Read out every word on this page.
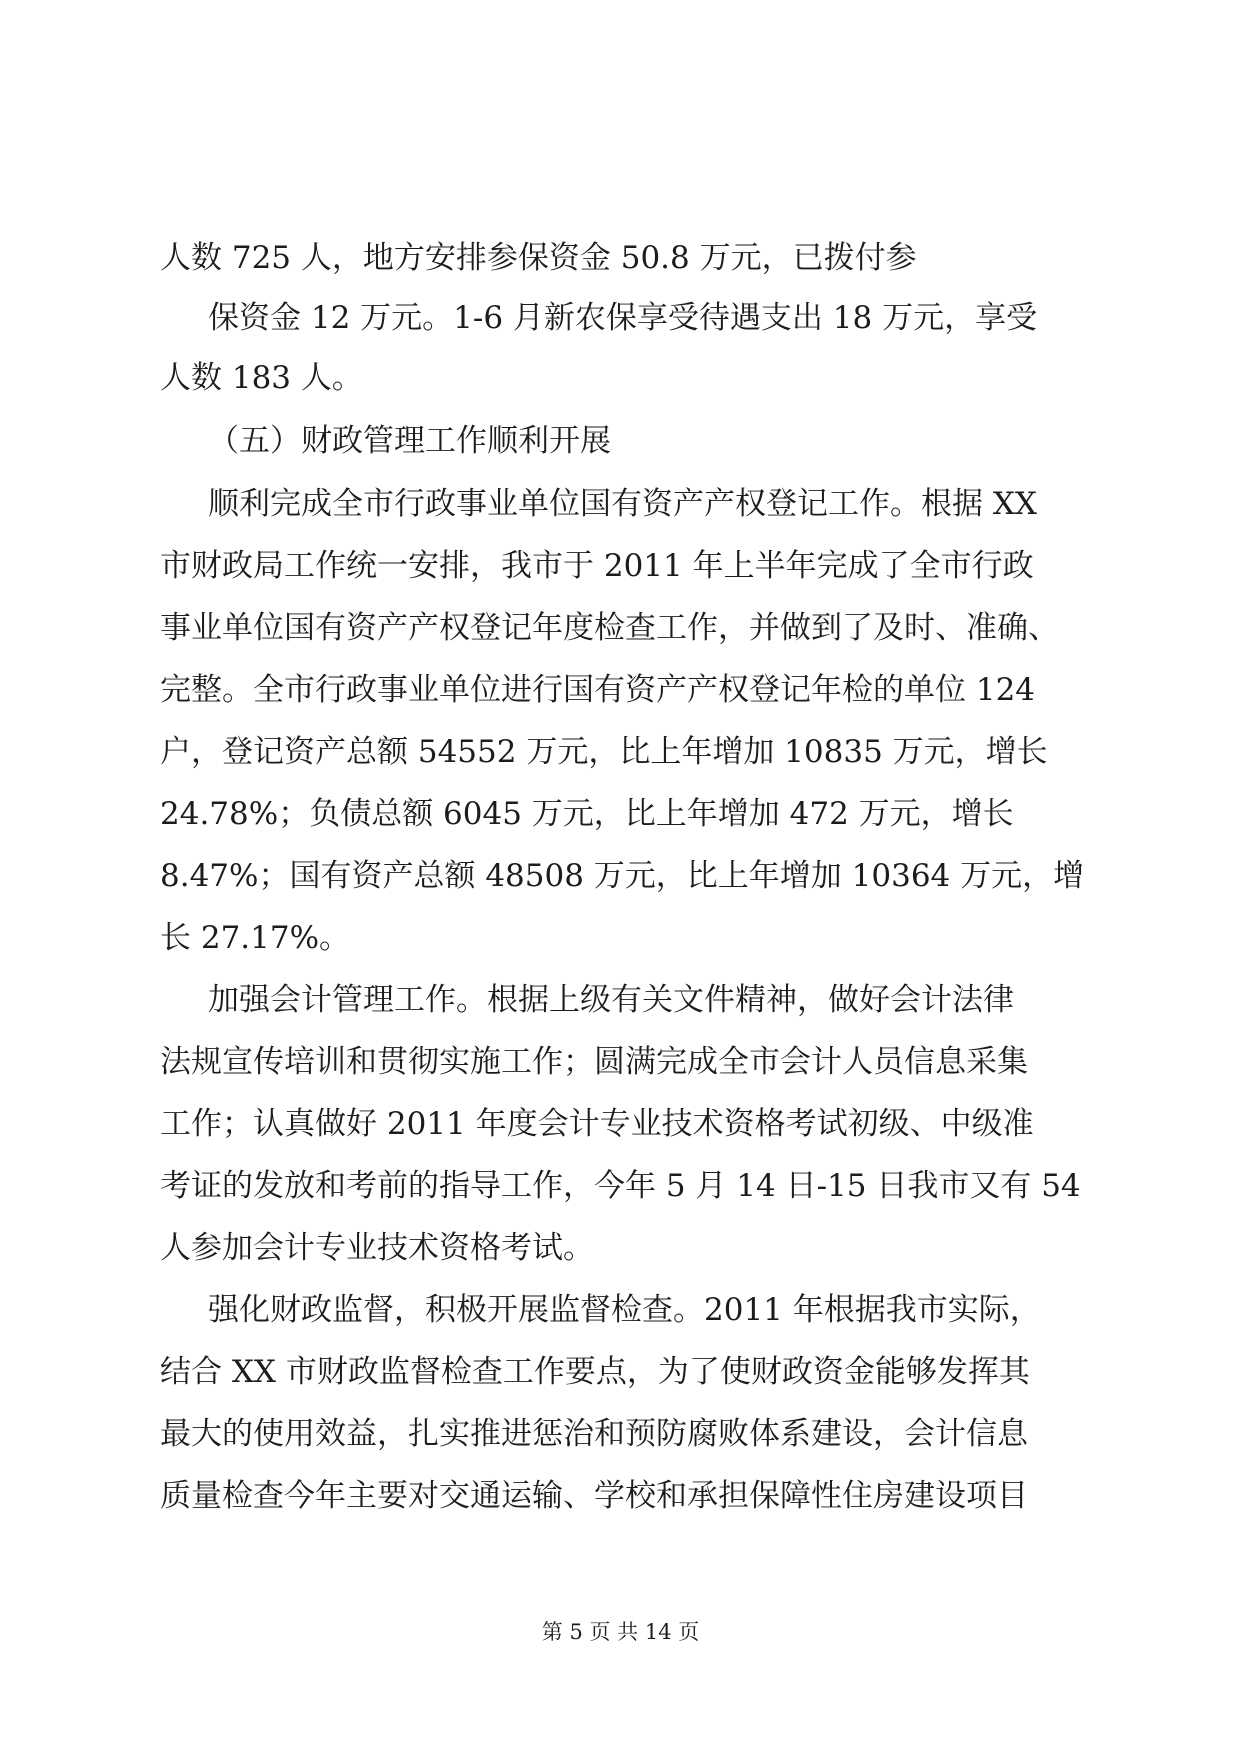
人数 725 人，地方安排参保资金 50.8 万元，已拨付参
保资金 12 万元。1-6 月新农保享受待遇支出 18 万元，享受
人数 183 人。
（五）财政管理工作顺利开展
顺利完成全市行政事业单位国有资产产权登记工作。根据 XX
市财政局工作统一安排，我市于 2011 年上半年完成了全市行政
事业单位国有资产产权登记年度检查工作，并做到了及时、准确、
完整。全市行政事业单位进行国有资产产权登记年检的单位 124
户，登记资产总额 54552 万元，比上年增加 10835 万元，增长
24.78%；负债总额 6045 万元，比上年增加 472 万元，增长
8.47%；国有资产总额 48508 万元，比上年增加 10364 万元，增
长 27.17%。
加强会计管理工作。根据上级有关文件精神，做好会计法律
法规宣传培训和贯彻实施工作；圆满完成全市会计人员信息采集
工作；认真做好 2011 年度会计专业技术资格考试初级、中级准
考证的发放和考前的指导工作，今年 5 月 14 日-15 日我市又有 54
人参加会计专业技术资格考试。
强化财政监督，积极开展监督检查。2011 年根据我市实际，
结合 XX 市财政监督检查工作要点，为了使财政资金能够发挥其
最大的使用效益，扎实推进惩治和预防腐败体系建设，会计信息
质量检查今年主要对交通运输、学校和承担保障性住房建设项目
第 5 页 共 14 页
